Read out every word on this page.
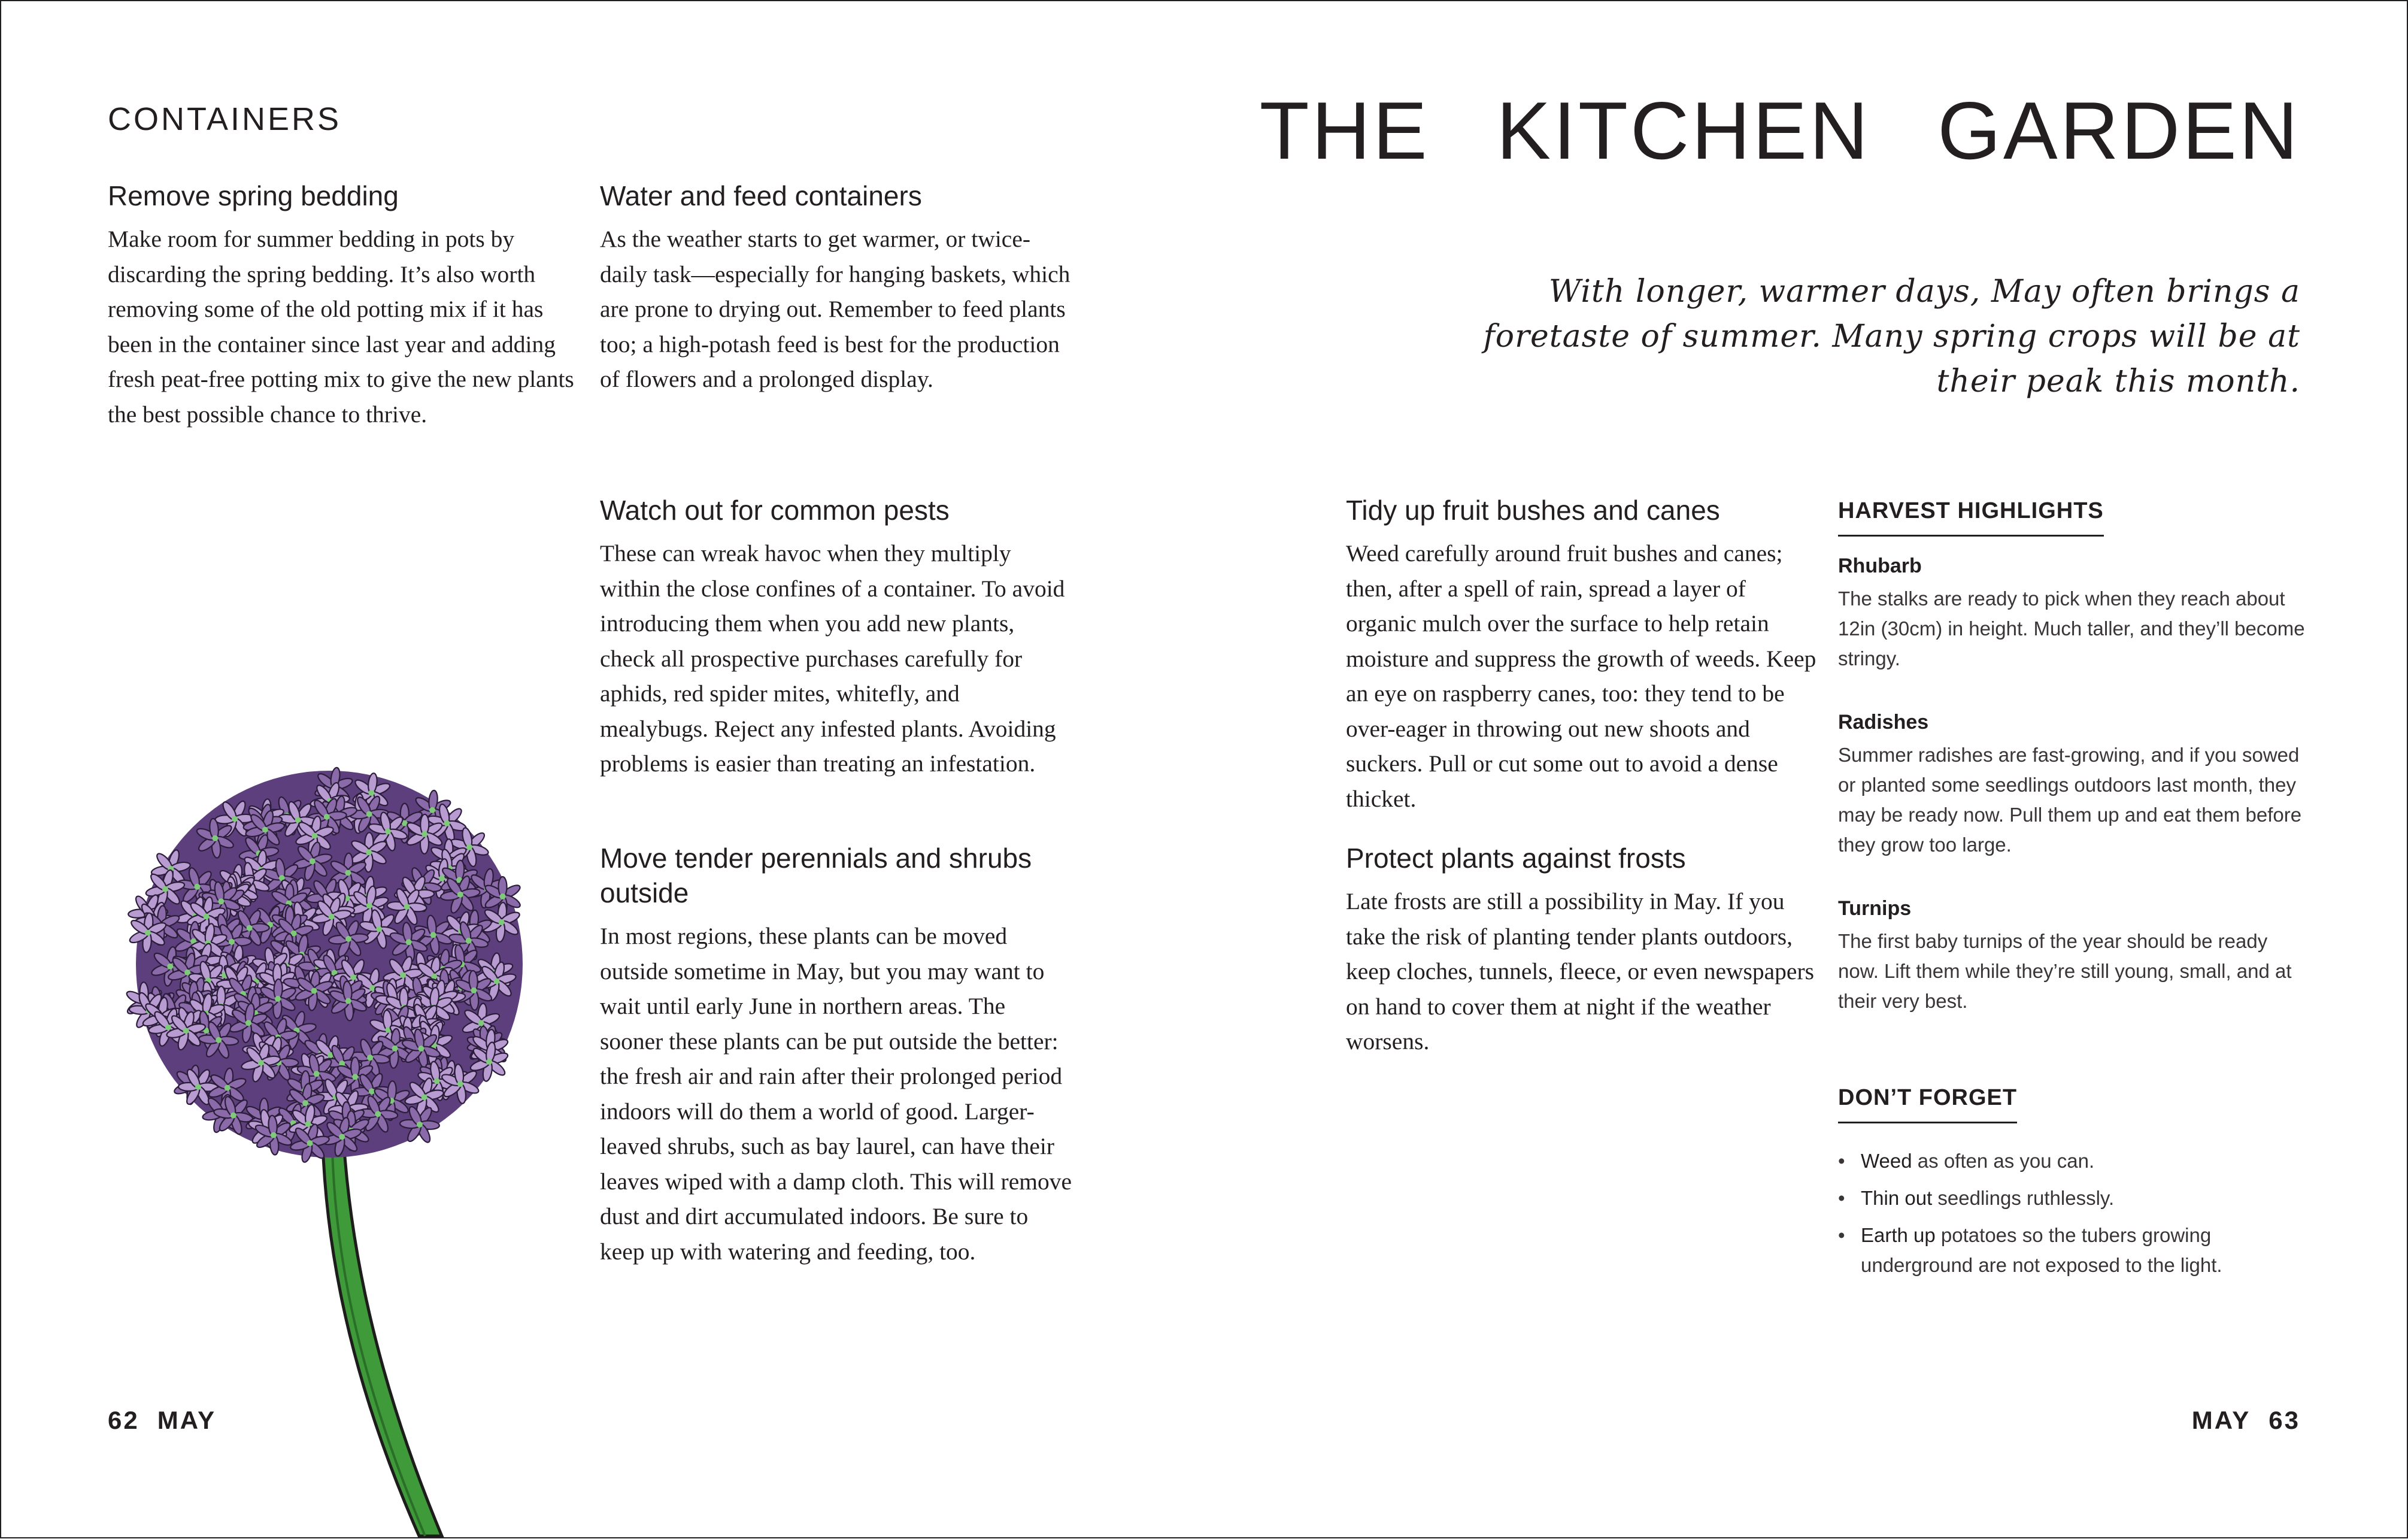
CONTAINERS
Remove spring bedding

Make room for summer bedding in pots by discarding the spring bedding. It’s also worth removing some of the old potting mix if it has been in the container since last year and adding fresh peat-free potting mix to give the new plants the best possible chance to thrive.

Water and feed containers

As the weather starts to get warmer, or twice-daily task—especially for hanging baskets, which are prone to drying out. Remember to feed plants too; a high-potash feed is best for the production of flowers and a prolonged display.

Watch out for common pests

These can wreak havoc when they multiply within the close confines of a container. To avoid introducing them when you add new plants, check all prospective purchases carefully for aphids, red spider mites, whitefly, and mealybugs. Reject any infested plants. Avoiding problems is easier than treating an infestation.

Move tender perennials and shrubs outside

In most regions, these plants can be moved outside sometime in May, but you may want to wait until early June in northern areas. The sooner these plants can be put outside the better: the fresh air and rain after their prolonged period indoors will do them a world of good. Larger-leaved shrubs, such as bay laurel, can have their leaves wiped with a damp cloth. This will remove dust and dirt accumulated indoors. Be sure to keep up with watering and feeding, too.

62 MAY
THE KITCHEN GARDEN
With longer, warmer days, May often brings a foretaste of summer. Many spring crops will be at their peak this month.
Tidy up fruit bushes and canes

Weed carefully around fruit bushes and canes; then, after a spell of rain, spread a layer of organic mulch over the surface to help retain moisture and suppress the growth of weeds. Keep an eye on raspberry canes, too: they tend to be over-eager in throwing out new shoots and suckers. Pull or cut some out to avoid a dense thicket.

Protect plants against frosts

Late frosts are still a possibility in May. If you take the risk of planting tender plants outdoors, keep cloches, tunnels, fleece, or even newspapers on hand to cover them at night if the weather worsens.

HARVEST HIGHLIGHTS
Rhubarb

The stalks are ready to pick when they reach about 12in (30cm) in height. Much taller, and they’ll become stringy.

Radishes

Summer radishes are fast-growing, and if you sowed or planted some seedlings outdoors last month, they may be ready now. Pull them up and eat them before they grow too large.

Turnips

The first baby turnips of the year should be ready now. Lift them while they’re still young, small, and at their very best.

DON’T FORGET
• Weed as often as you can.
• Thin out seedlings ruthlessly.
• Earth up potatoes so the tubers growing underground are not exposed to the light.
MAY 63
